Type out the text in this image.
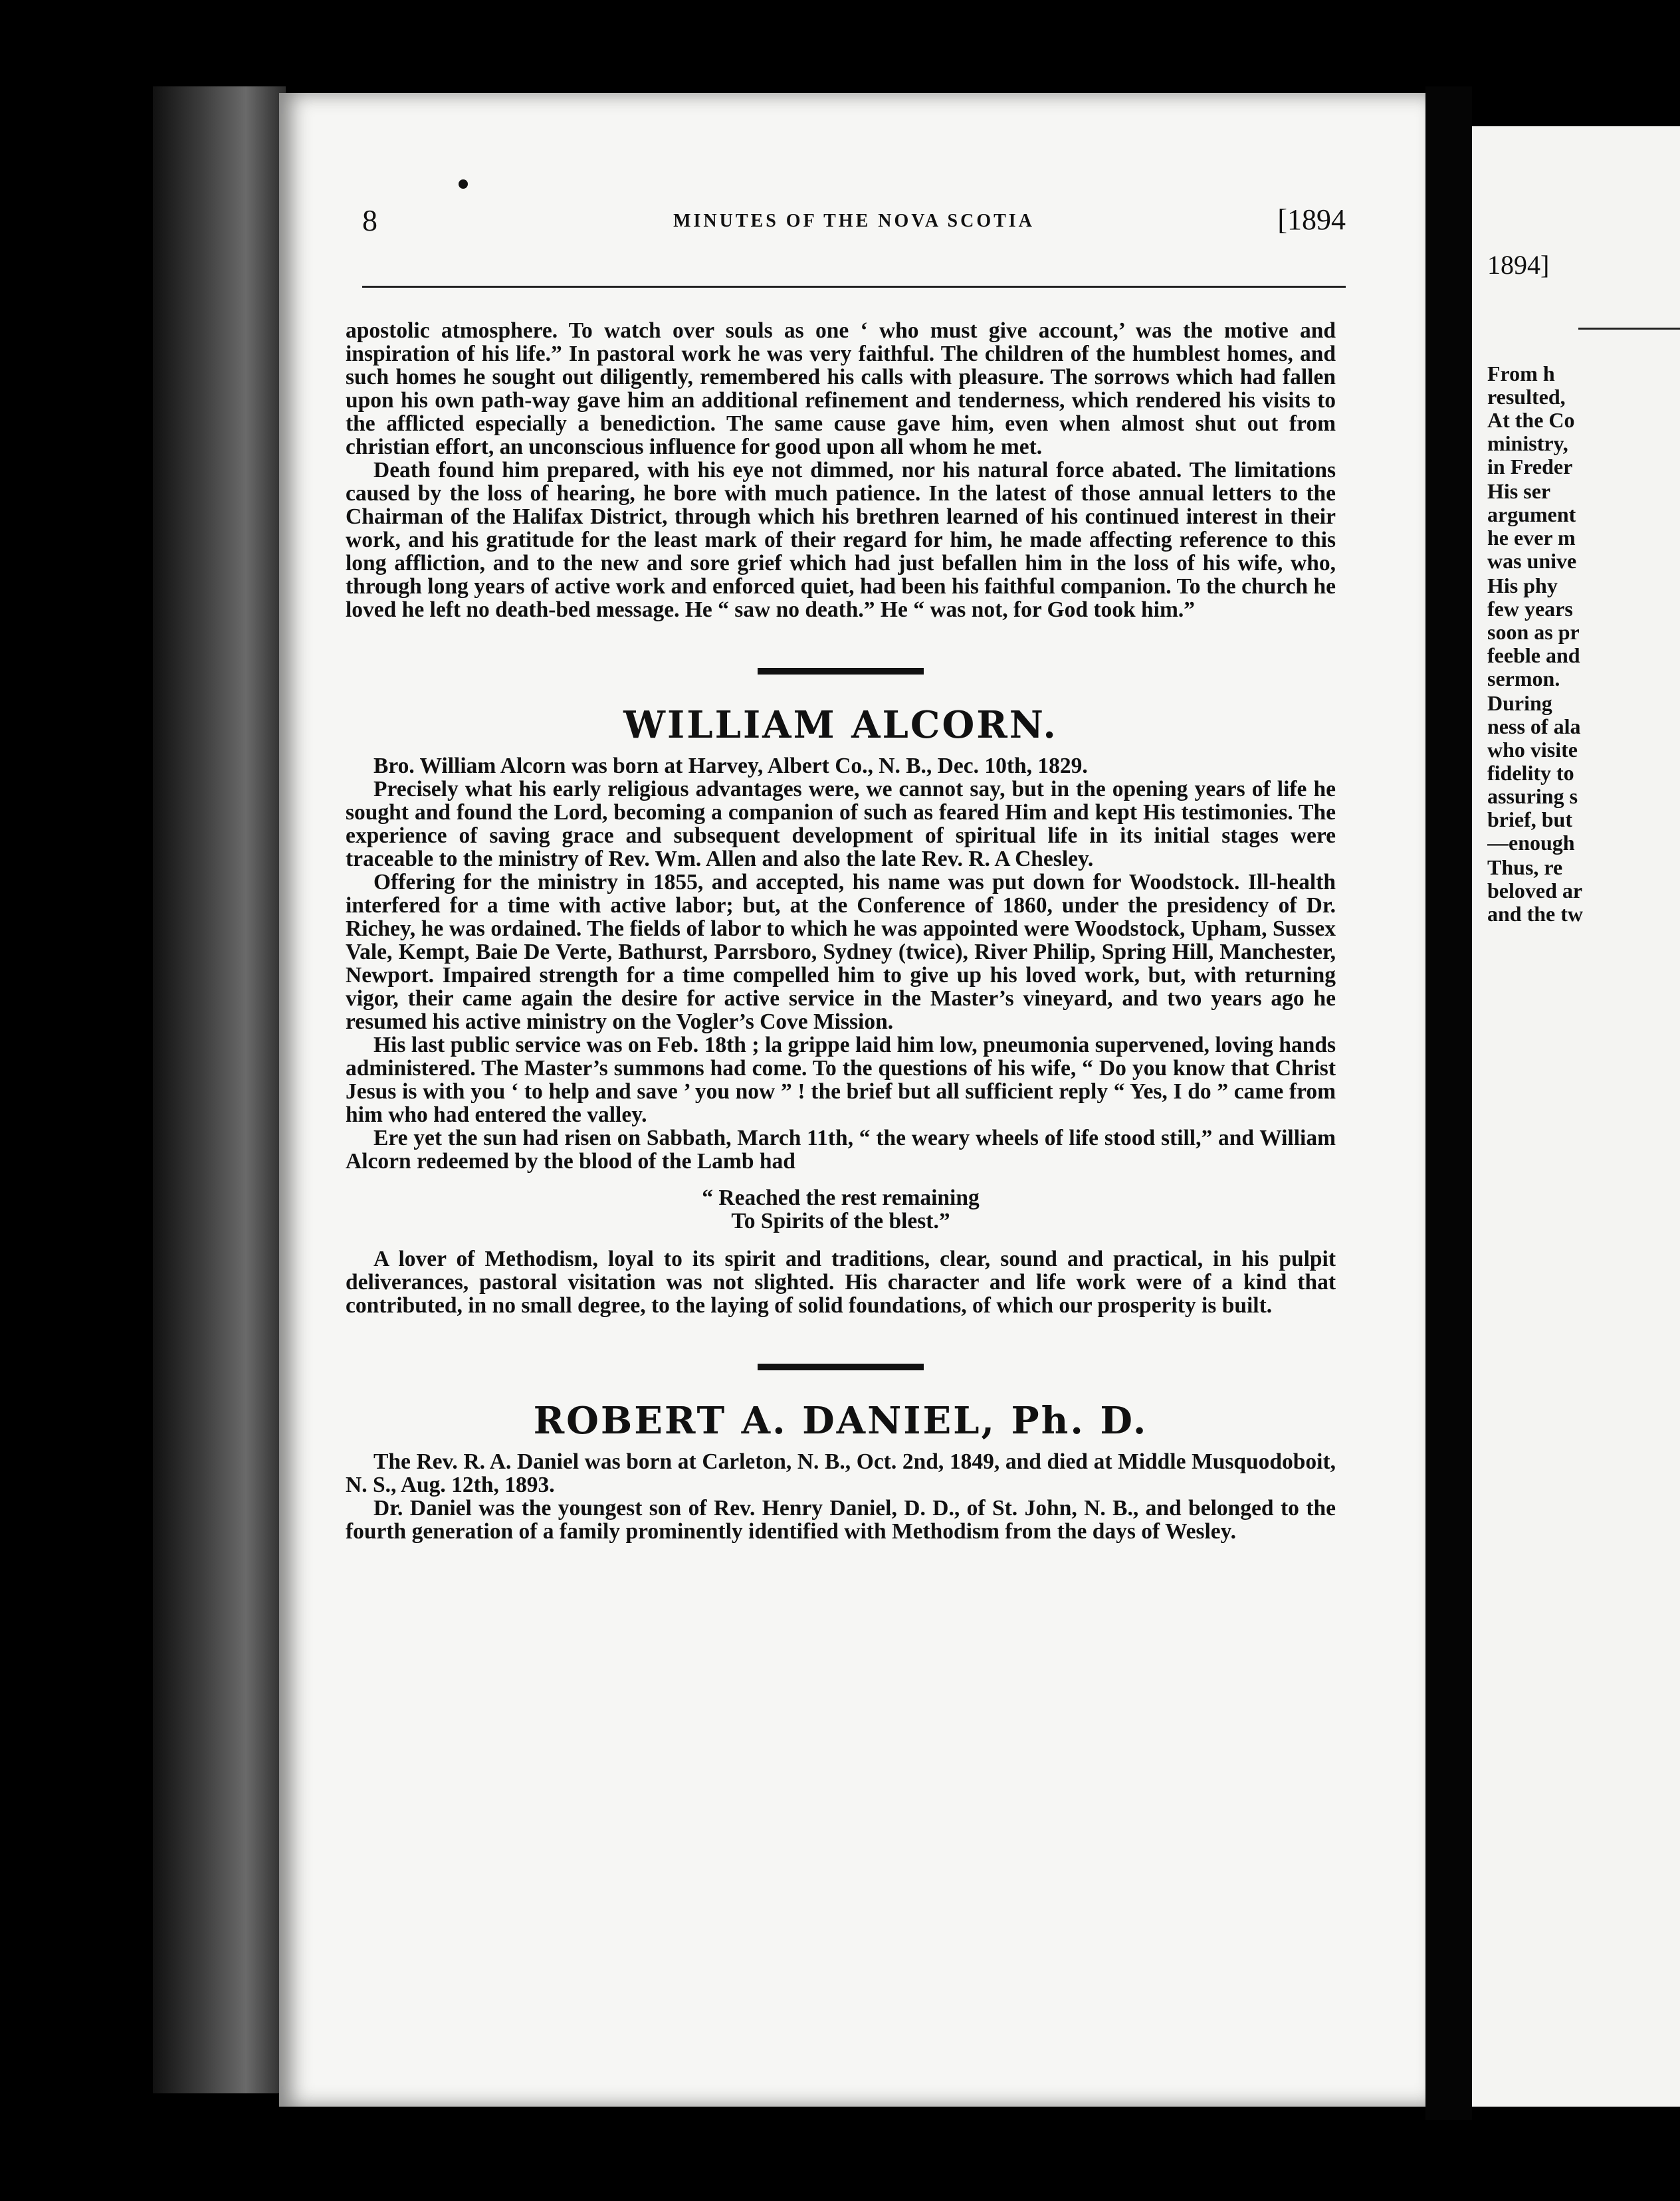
8	MINUTES OF THE NOVA SCOTIA	[1894

apostolic atmosphere. To watch over souls as one ‘ who must give account,’ was the motive and inspiration of his life.” In pastoral work he was very faithful. The children of the humblest homes, and such homes he sought out diligently, remembered his calls with pleasure. The sorrows which had fallen upon his own path-way gave him an additional refinement and tenderness, which rendered his visits to the afflicted especially a benediction. The same cause gave him, even when almost shut out from christian effort, an unconscious influence for good upon all whom he met.

Death found him prepared, with his eye not dimmed, nor his natural force abated. The limitations caused by the loss of hearing, he bore with much patience. In the latest of those annual letters to the Chairman of the Halifax District, through which his brethren learned of his continued interest in their work, and his gratitude for the least mark of their regard for him, he made affecting reference to this long affliction, and to the new and sore grief which had just befallen him in the loss of his wife, who, through long years of active work and enforced quiet, had been his faithful companion. To the church he loved he left no death-bed message. He “ saw no death.” He “ was not, for God took him.”

WILLIAM ALCORN.

Bro. William Alcorn was born at Harvey, Albert Co., N. B., Dec. 10th, 1829.

Precisely what his early religious advantages were, we cannot say, but in the opening years of life he sought and found the Lord, becoming a companion of such as feared Him and kept His testimonies. The experience of saving grace and subsequent development of spiritual life in its initial stages were traceable to the ministry of Rev. Wm. Allen and also the late Rev. R. A Chesley.

Offering for the ministry in 1855, and accepted, his name was put down for Woodstock. Ill-health interfered for a time with active labor; but, at the Conference of 1860, under the presidency of Dr. Richey, he was ordained. The fields of labor to which he was appointed were Woodstock, Upham, Sussex Vale, Kempt, Baie De Verte, Bathurst, Parrsboro, Sydney (twice), River Philip, Spring Hill, Manchester, Newport. Impaired strength for a time compelled him to give up his loved work, but, with returning vigor, their came again the desire for active service in the Master’s vineyard, and two years ago he resumed his active ministry on the Vogler’s Cove Mission.

His last public service was on Feb. 18th ; la grippe laid him low, pneumonia supervened, loving hands administered. The Master’s summons had come. To the questions of his wife, “ Do you know that Christ Jesus is with you ‘ to help and save ’ you now ” ! the brief but all sufficient reply “ Yes, I do ” came from him who had entered the valley.

Ere yet the sun had risen on Sabbath, March 11th, “ the weary wheels of life stood still,” and William Alcorn redeemed by the blood of the Lamb had

“ Reached the rest remaining

To Spirits of the blest.”

A lover of Methodism, loyal to its spirit and traditions, clear, sound and practical, in his pulpit deliverances, pastoral visitation was not slighted. His character and life work were of a kind that contributed, in no small degree, to the laying of solid foundations, of which our prosperity is built.

ROBERT A. DANIEL, Ph. D.

The Rev. R. A. Daniel was born at Carleton, N. B., Oct. 2nd, 1849, and died at Middle Musquodoboit, N. S., Aug. 12th, 1893.

Dr. Daniel was the youngest son of Rev. Henry Daniel, D. D., of St. John, N. B., and belonged to the fourth generation of a family prominently identified with Methodism from the days of Wesley.

1894]
From h
resulted,
At the Co
ministry,
in Freder
His ser
argument
he ever m
was unive
His phy
few years
soon as pr
feeble and
sermon.
During
ness of ala
who visite
fidelity to
assuring s
brief, but
—enough
Thus, re
beloved ar
and the tw
